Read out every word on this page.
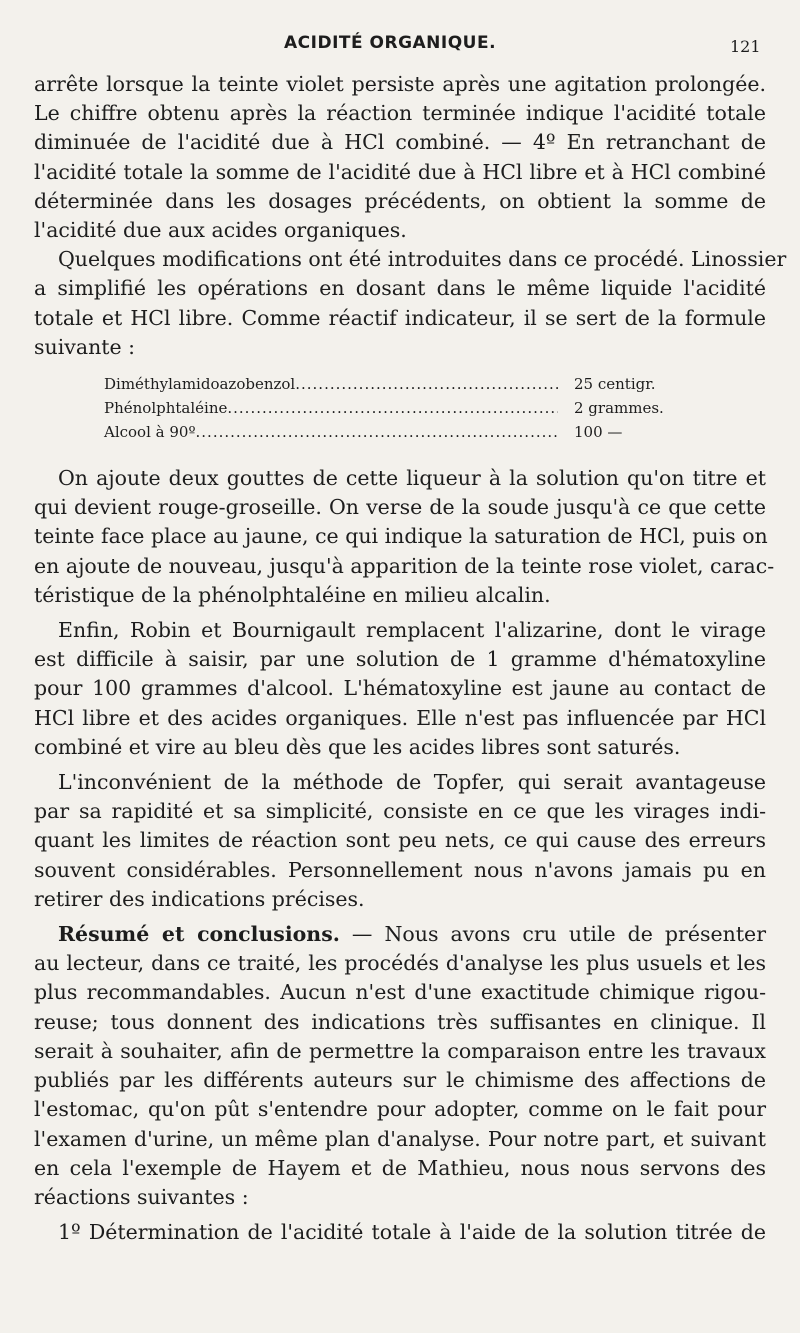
ACIDITÉ ORGANIQUE.	121
arrête lorsque la teinte violet persiste après une agitation prolongée.
Le chiffre obtenu après la réaction terminée indique l'acidité totale
diminuée de l'acidité due à HCl combiné. — 4º En retranchant de
l'acidité totale la somme de l'acidité due à HCl libre et à HCl combiné
déterminée dans les dosages précédents, on obtient la somme de
l'acidité due aux acides organiques.
Quelques modifications ont été introduites dans ce procédé. Linossier
a simplifié les opérations en dosant dans le même liquide l'acidité
totale et HCl libre. Comme réactif indicateur, il se sert de la formule
suivante :
Diméthylamidoazobenzol .....	25 centigr.
Phénolphtaléine .....	2 grammes.
Alcool à 90º .....	100 —
On ajoute deux gouttes de cette liqueur à la solution qu'on titre et
qui devient rouge-groseille. On verse de la soude jusqu'à ce que cette
teinte face place au jaune, ce qui indique la saturation de HCl, puis on
en ajoute de nouveau, jusqu'à apparition de la teinte rose violet, carac-
téristique de la phénolphtaléine en milieu alcalin.
Enfin, Robin et Bournigault remplacent l'alizarine, dont le virage
est difficile à saisir, par une solution de 1 gramme d'hématoxyline
pour 100 grammes d'alcool. L'hématoxyline est jaune au contact de
HCl libre et des acides organiques. Elle n'est pas influencée par HCl
combiné et vire au bleu dès que les acides libres sont saturés.
L'inconvénient de la méthode de Topfer, qui serait avantageuse
par sa rapidité et sa simplicité, consiste en ce que les virages indi-
quant les limites de réaction sont peu nets, ce qui cause des erreurs
souvent considérables. Personnellement nous n'avons jamais pu en
retirer des indications précises.
Résumé et conclusions. — Nous avons cru utile de présenter
au lecteur, dans ce traité, les procédés d'analyse les plus usuels et les
plus recommandables. Aucun n'est d'une exactitude chimique rigou-
reuse; tous donnent des indications très suffisantes en clinique. Il
serait à souhaiter, afin de permettre la comparaison entre les travaux
publiés par les différents auteurs sur le chimisme des affections de
l'estomac, qu'on pût s'entendre pour adopter, comme on le fait pour
l'examen d'urine, un même plan d'analyse. Pour notre part, et suivant
en cela l'exemple de Hayem et de Mathieu, nous nous servons des
réactions suivantes :
1º Détermination de l'acidité totale à l'aide de la solution titrée de
